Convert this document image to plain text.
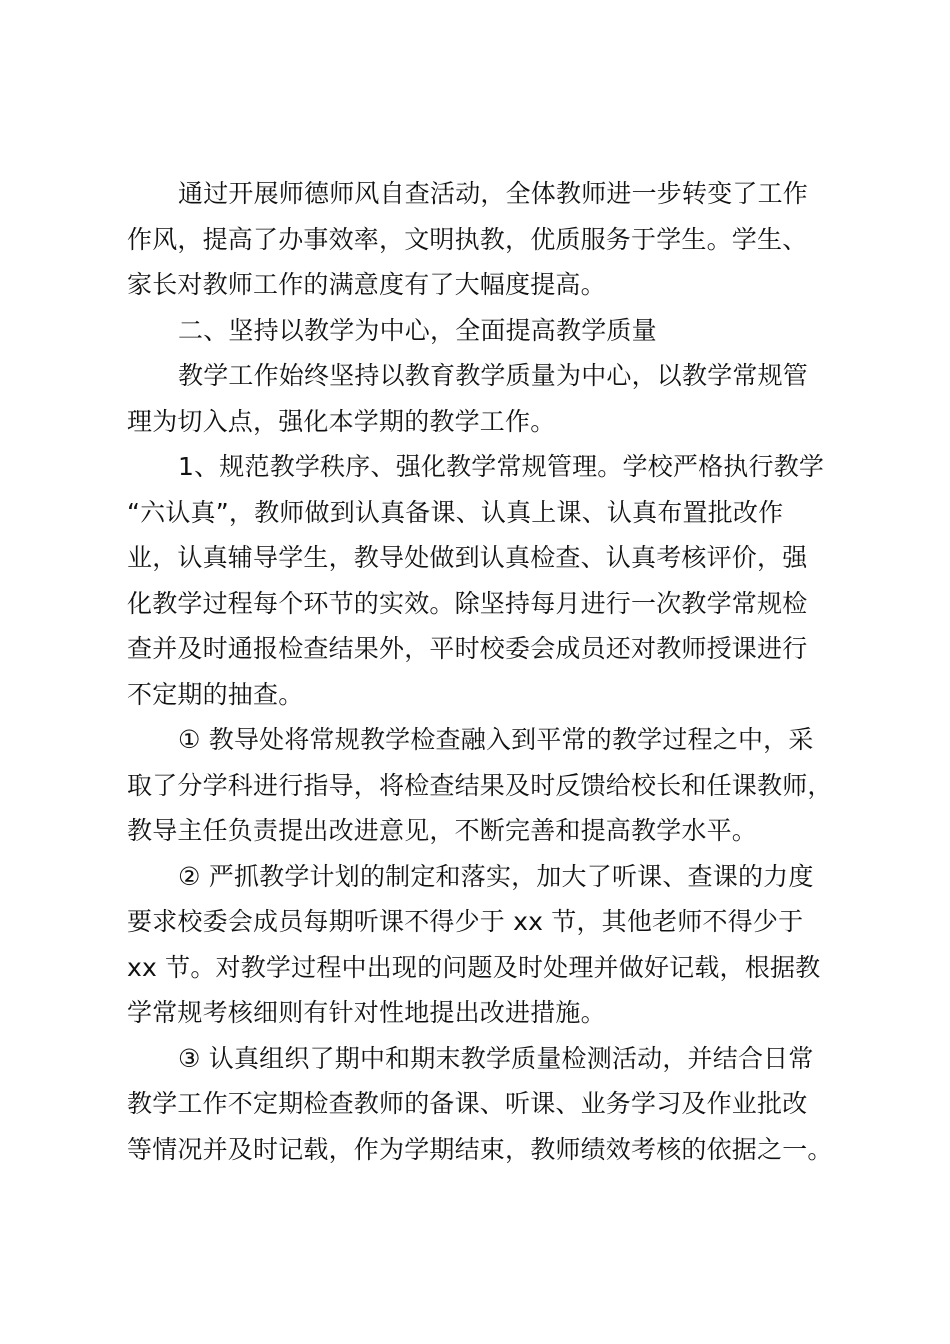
通过开展师德师风自查活动，全体教师进一步转变了工作
作风，提高了办事效率，文明执教，优质服务于学生。学生、
家长对教师工作的满意度有了大幅度提高。
二、坚持以教学为中心，全面提高教学质量
教学工作始终坚持以教育教学质量为中心，以教学常规管
理为切入点，强化本学期的教学工作。
1、规范教学秩序、强化教学常规管理。学校严格执行教学
“六认真”，教师做到认真备课、认真上课、认真布置批改作
业，认真辅导学生，教导处做到认真检查、认真考核评价，强
化教学过程每个环节的实效。除坚持每月进行一次教学常规检
查并及时通报检查结果外，平时校委会成员还对教师授课进行
不定期的抽查。
① 教导处将常规教学检查融入到平常的教学过程之中，采
取了分学科进行指导，将检查结果及时反馈给校长和任课教师，
教导主任负责提出改进意见，不断完善和提高教学水平。
② 严抓教学计划的制定和落实，加大了听课、查课的力度
要求校委会成员每期听课不得少于 xx 节，其他老师不得少于
xx 节。对教学过程中出现的问题及时处理并做好记载，根据教
学常规考核细则有针对性地提出改进措施。
③ 认真组织了期中和期末教学质量检测活动，并结合日常
教学工作不定期检查教师的备课、听课、业务学习及作业批改
等情况并及时记载，作为学期结束，教师绩效考核的依据之一。
